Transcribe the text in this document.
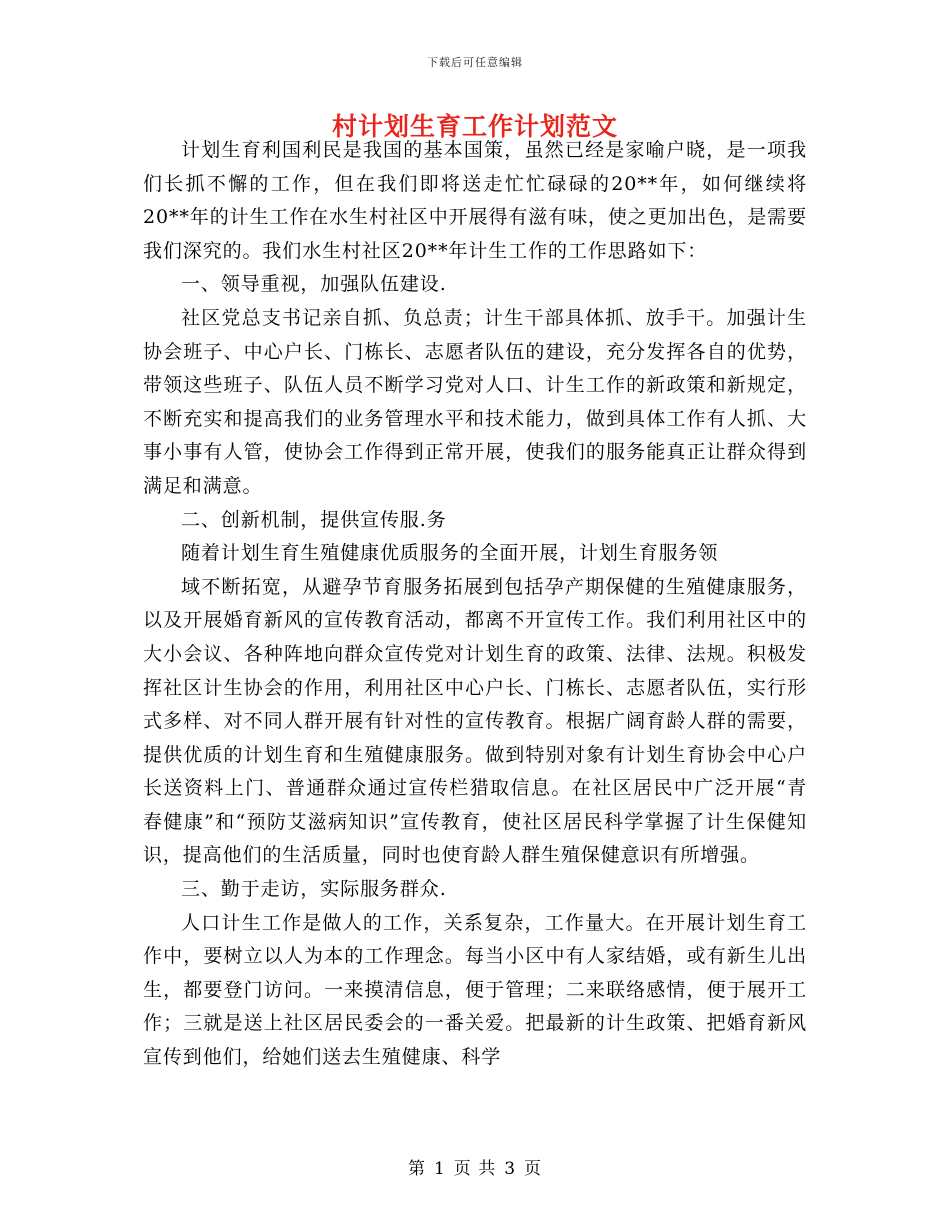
下载后可任意编辑
村计划生育工作计划范文

计划生育利国利民是我国的基本国策，虽然已经是家喻户晓，是一项我们长抓不懈的工作，但在我们即将送走忙忙碌碌的20**年，如何继续将20**年的计生工作在水生村社区中开展得有滋有味，使之更加出色，是需要我们深究的。我们水生村社区20**年计生工作的工作思路如下：

一、领导重视，加强队伍建设.

社区党总支书记亲自抓、负总责；计生干部具体抓、放手干。加强计生协会班子、中心户长、门栋长、志愿者队伍的建设，充分发挥各自的优势，带领这些班子、队伍人员不断学习党对人口、计生工作的新政策和新规定，不断充实和提高我们的业务管理水平和技术能力，做到具体工作有人抓、大事小事有人管，使协会工作得到正常开展，使我们的服务能真正让群众得到满足和满意。

二、创新机制，提供宣传服.务

随着计划生育生殖健康优质服务的全面开展，计划生育服务领

域不断拓宽，从避孕节育服务拓展到包括孕产期保健的生殖健康服务，以及开展婚育新风的宣传教育活动，都离不开宣传工作。我们利用社区中的大小会议、各种阵地向群众宣传党对计划生育的政策、法律、法规。积极发挥社区计生协会的作用，利用社区中心户长、门栋长、志愿者队伍，实行形式多样、对不同人群开展有针对性的宣传教育。根据广阔育龄人群的需要，提供优质的计划生育和生殖健康服务。做到特别对象有计划生育协会中心户长送资料上门、普通群众通过宣传栏猎取信息。在社区居民中广泛开展“青春健康”和“预防艾滋病知识”宣传教育，使社区居民科学掌握了计生保健知识，提高他们的生活质量，同时也使育龄人群生殖保健意识有所增强。

三、勤于走访，实际服务群众.

人口计生工作是做人的工作，关系复杂，工作量大。在开展计划生育工作中，要树立以人为本的工作理念。每当小区中有人家结婚，或有新生儿出生，都要登门访问。一来摸清信息，便于管理；二来联络感情，便于展开工作；三就是送上社区居民委会的一番关爱。把最新的计生政策、把婚育新风宣传到他们，给她们送去生殖健康、科学

第 1 页 共 3 页
